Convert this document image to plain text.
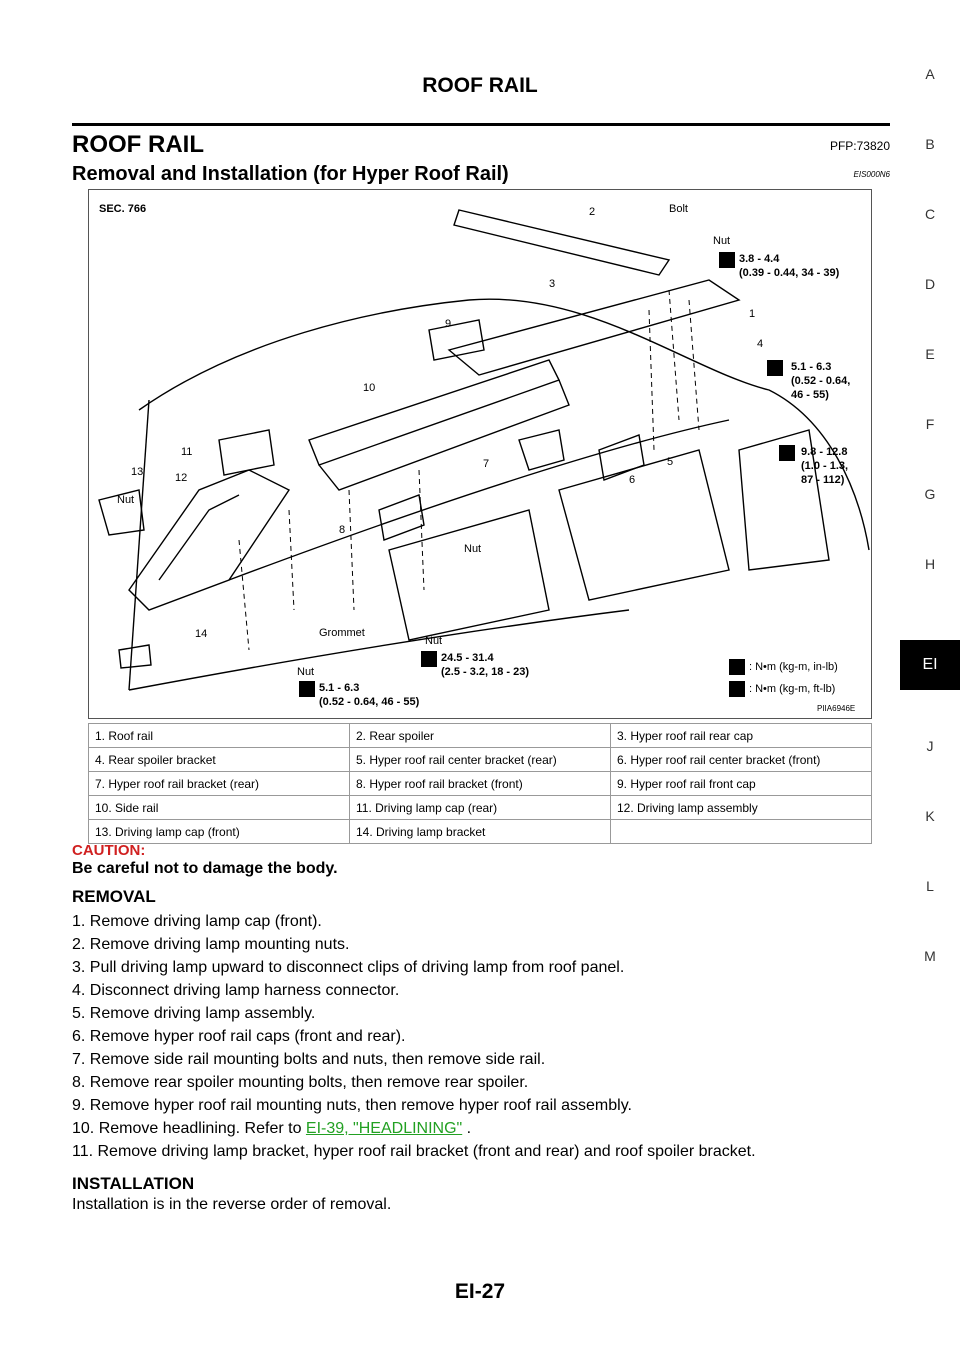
ROOF RAIL
ROOF RAIL	PFP:73820
Removal and Installation (for Hyper Roof Rail)	EIS000N6
SEC. 766	Bolt
Nut
3.8 - 4.4
(0.39 - 0.44, 34 - 39)
5.1 - 6.3
(0.52 - 0.64,
46 - 55)
9.8 - 12.8
(1.0 - 1.3,
87 - 112)
Nut
Nut
Grommet
Nut
24.5 - 31.4
(2.5 - 3.2, 18 - 23)
Nut
5.1 - 6.3
(0.52 - 0.64, 46 - 55)
: N•m (kg-m, in-lb)
: N•m (kg-m, ft-lb)
PIIA6946E
1
2
3
4
5
6
7
8
9
10
11
12
13
14
1. Roof rail	2. Rear spoiler	3. Hyper roof rail rear cap
4. Rear spoiler bracket	5. Hyper roof rail center bracket (rear)	6. Hyper roof rail center bracket (front)
7. Hyper roof rail bracket (rear)	8. Hyper roof rail bracket (front)	9. Hyper roof rail front cap
10. Side rail	11. Driving lamp cap (rear)	12. Driving lamp assembly
13. Driving lamp cap (front)	14. Driving lamp bracket	
CAUTION:
Be careful not to damage the body.
REMOVAL
1. Remove driving lamp cap (front).
2. Remove driving lamp mounting nuts.
3. Pull driving lamp upward to disconnect clips of driving lamp from roof panel.
4. Disconnect driving lamp harness connector.
5. Remove driving lamp assembly.
6. Remove hyper roof rail caps (front and rear).
7. Remove side rail mounting bolts and nuts, then remove side rail.
8. Remove rear spoiler mounting bolts, then remove rear spoiler.
9. Remove hyper roof rail mounting nuts, then remove hyper roof rail assembly.
10. Remove headlining. Refer to EI-39, "HEADLINING" .
11. Remove driving lamp bracket, hyper roof rail bracket (front and rear) and roof spoiler bracket.
INSTALLATION
Installation is in the reverse order of removal.
EI-27
A
B
C
D
E
F
G
H
EI
J
K
L
M
